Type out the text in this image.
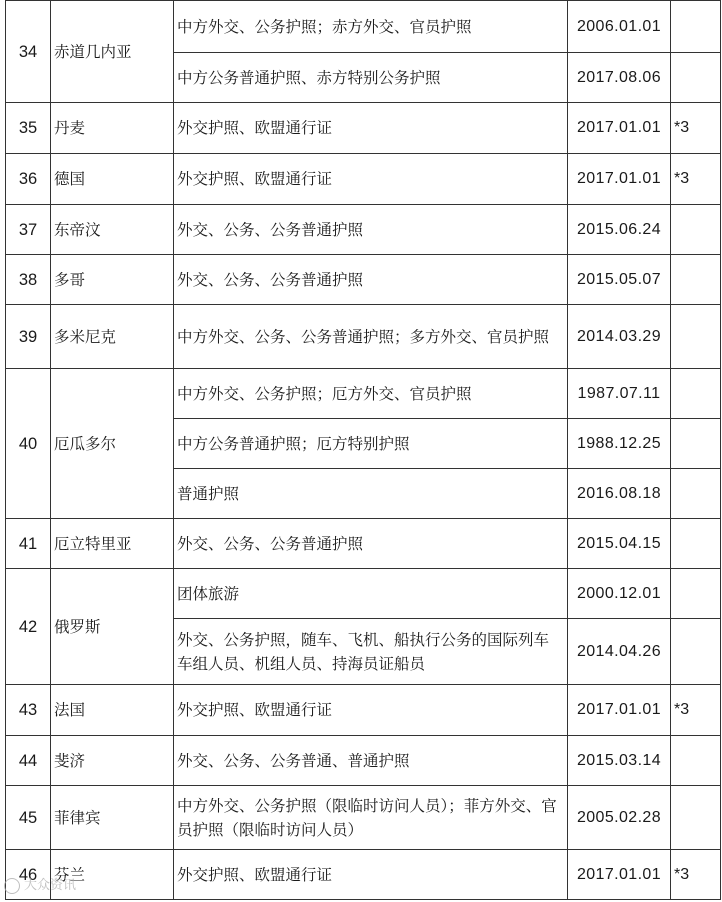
34	赤道几内亚	中方外交、公务护照；赤方外交、官员护照	2006.01.01	
		中方公务普通护照、赤方特别公务护照	2017.08.06	
35	丹麦	外交护照、欧盟通行证	2017.01.01	*3
36	德国	外交护照、欧盟通行证	2017.01.01	*3
37	东帝汶	外交、公务、公务普通护照	2015.06.24	
38	多哥	外交、公务、公务普通护照	2015.05.07	
39	多米尼克	中方外交、公务、公务普通护照；多方外交、官员护照	2014.03.29	
40	厄瓜多尔	中方外交、公务护照；厄方外交、官员护照	1987.07.11	
		中方公务普通护照；厄方特别护照	1988.12.25	
		普通护照	2016.08.18	
41	厄立特里亚	外交、公务、公务普通护照	2015.04.15	
42	俄罗斯	团体旅游	2000.12.01	
		外交、公务护照，随车、飞机、船执行公务的国际列车车组人员、机组人员、持海员证船员	2014.04.26	
43	法国	外交护照、欧盟通行证	2017.01.01	*3
44	斐济	外交、公务、公务普通、普通护照	2015.03.14	
45	菲律宾	中方外交、公务护照（限临时访问人员）；菲方外交、官员护照（限临时访问人员）	2005.02.28	
46	芬兰	外交护照、欧盟通行证	2017.01.01	*3
大众资讯
